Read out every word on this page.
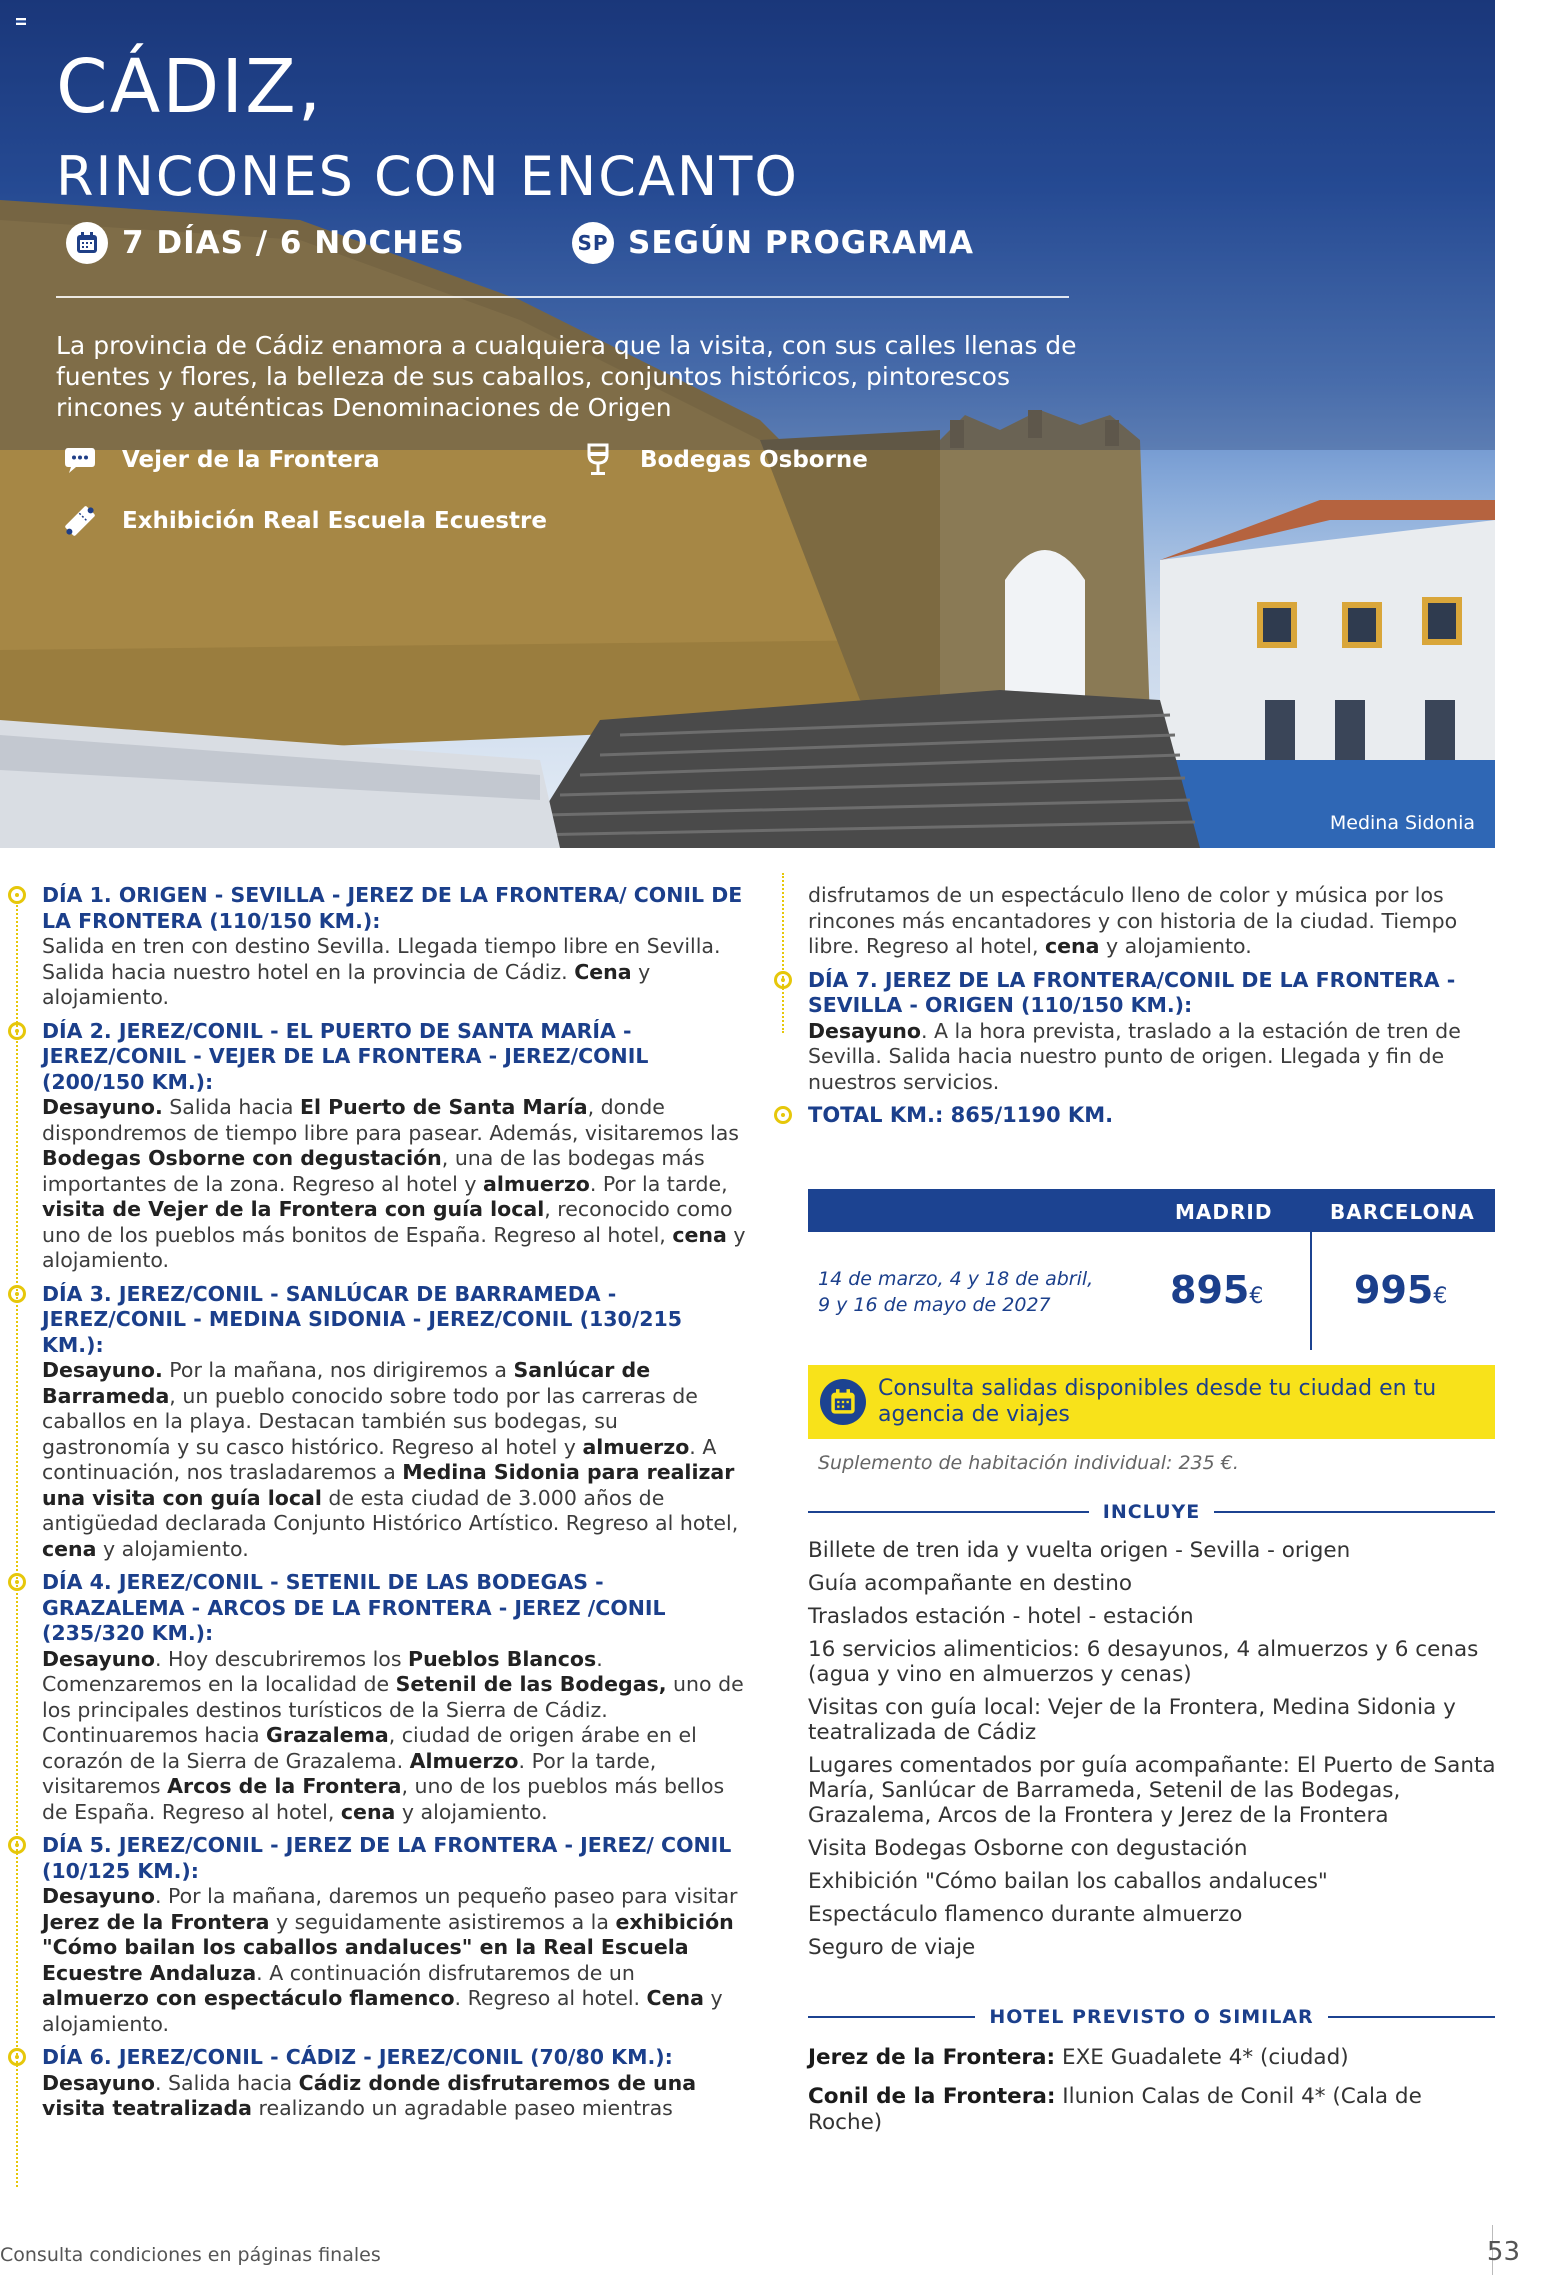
CÁDIZ,
RINCONES CON ENCANTO
7 DÍAS / 6 NOCHES	SP SEGÚN PROGRAMA
La provincia de Cádiz enamora a cualquiera que la visita, con sus calles llenas de fuentes y flores, la belleza de sus caballos, conjuntos históricos, pintorescos rincones y auténticas Denominaciones de Origen
Vejer de la Frontera	Bodegas Osborne
Exhibición Real Escuela Ecuestre
Medina Sidonia
DÍA 1. ORIGEN - SEVILLA - JEREZ DE LA FRONTERA/ CONIL DE LA FRONTERA (110/150 KM.):
Salida en tren con destino Sevilla. Llegada tiempo libre en Sevilla. Salida hacia nuestro hotel en la provincia de Cádiz. Cena y alojamiento.
DÍA 2. JEREZ/CONIL - EL PUERTO DE SANTA MARÍA - JEREZ/CONIL - VEJER DE LA FRONTERA - JEREZ/CONIL (200/150 KM.):
Desayuno. Salida hacia El Puerto de Santa María, donde dispondremos de tiempo libre para pasear. Además, visitaremos las Bodegas Osborne con degustación, una de las bodegas más importantes de la zona. Regreso al hotel y almuerzo. Por la tarde, visita de Vejer de la Frontera con guía local, reconocido como uno de los pueblos más bonitos de España. Regreso al hotel, cena y alojamiento.
DÍA 3. JEREZ/CONIL - SANLÚCAR DE BARRAMEDA - JEREZ/CONIL - MEDINA SIDONIA - JEREZ/CONIL (130/215 KM.):
Desayuno. Por la mañana, nos dirigiremos a Sanlúcar de Barrameda, un pueblo conocido sobre todo por las carreras de caballos en la playa. Destacan también sus bodegas, su gastronomía y su casco histórico. Regreso al hotel y almuerzo. A continuación, nos trasladaremos a Medina Sidonia para realizar una visita con guía local de esta ciudad de 3.000 años de antigüedad declarada Conjunto Histórico Artístico. Regreso al hotel, cena y alojamiento.
DÍA 4. JEREZ/CONIL - SETENIL DE LAS BODEGAS - GRAZALEMA - ARCOS DE LA FRONTERA - JEREZ /CONIL (235/320 KM.):
Desayuno. Hoy descubriremos los Pueblos Blancos. Comenzaremos en la localidad de Setenil de las Bodegas, uno de los principales destinos turísticos de la Sierra de Cádiz. Continuaremos hacia Grazalema, ciudad de origen árabe en el corazón de la Sierra de Grazalema. Almuerzo. Por la tarde, visitaremos Arcos de la Frontera, uno de los pueblos más bellos de España. Regreso al hotel, cena y alojamiento.
DÍA 5. JEREZ/CONIL - JEREZ DE LA FRONTERA - JEREZ/ CONIL (10/125 KM.):
Desayuno. Por la mañana, daremos un pequeño paseo para visitar Jerez de la Frontera y seguidamente asistiremos a la exhibición "Cómo bailan los caballos andaluces" en la Real Escuela Ecuestre Andaluza. A continuación disfrutaremos de un almuerzo con espectáculo flamenco. Regreso al hotel. Cena y alojamiento.
DÍA 6. JEREZ/CONIL - CÁDIZ - JEREZ/CONIL (70/80 KM.):
Desayuno. Salida hacia Cádiz donde disfrutaremos de una visita teatralizada realizando un agradable paseo mientras
disfrutamos de un espectáculo lleno de color y música por los rincones más encantadores y con historia de la ciudad. Tiempo libre. Regreso al hotel, cena y alojamiento.
DÍA 7. JEREZ DE LA FRONTERA/CONIL DE LA FRONTERA - SEVILLA - ORIGEN (110/150 KM.):
Desayuno. A la hora prevista, traslado a la estación de tren de Sevilla. Salida hacia nuestro punto de origen. Llegada y fin de nuestros servicios.
TOTAL KM.: 865/1190 KM.
MADRID	BARCELONA
14 de marzo, 4 y 18 de abril,
9 y 16 de mayo de 2027	895€ 995€
Consulta salidas disponibles desde tu ciudad en tu agencia de viajes
Suplemento de habitación individual: 235 €.
INCLUYE
Billete de tren ida y vuelta origen - Sevilla - origen
Guía acompañante en destino
Traslados estación - hotel - estación
16 servicios alimenticios: 6 desayunos, 4 almuerzos y 6 cenas (agua y vino en almuerzos y cenas)
Visitas con guía local: Vejer de la Frontera, Medina Sidonia y teatralizada de Cádiz
Lugares comentados por guía acompañante: El Puerto de Santa María, Sanlúcar de Barrameda, Setenil de las Bodegas, Grazalema, Arcos de la Frontera y Jerez de la Frontera
Visita Bodegas Osborne con degustación
Exhibición "Cómo bailan los caballos andaluces"
Espectáculo flamenco durante almuerzo
Seguro de viaje
HOTEL PREVISTO O SIMILAR
Jerez de la Frontera: EXE Guadalete 4* (ciudad)
Conil de la Frontera: Ilunion Calas de Conil 4* (Cala de Roche)
Consulta condiciones en páginas finales	53
